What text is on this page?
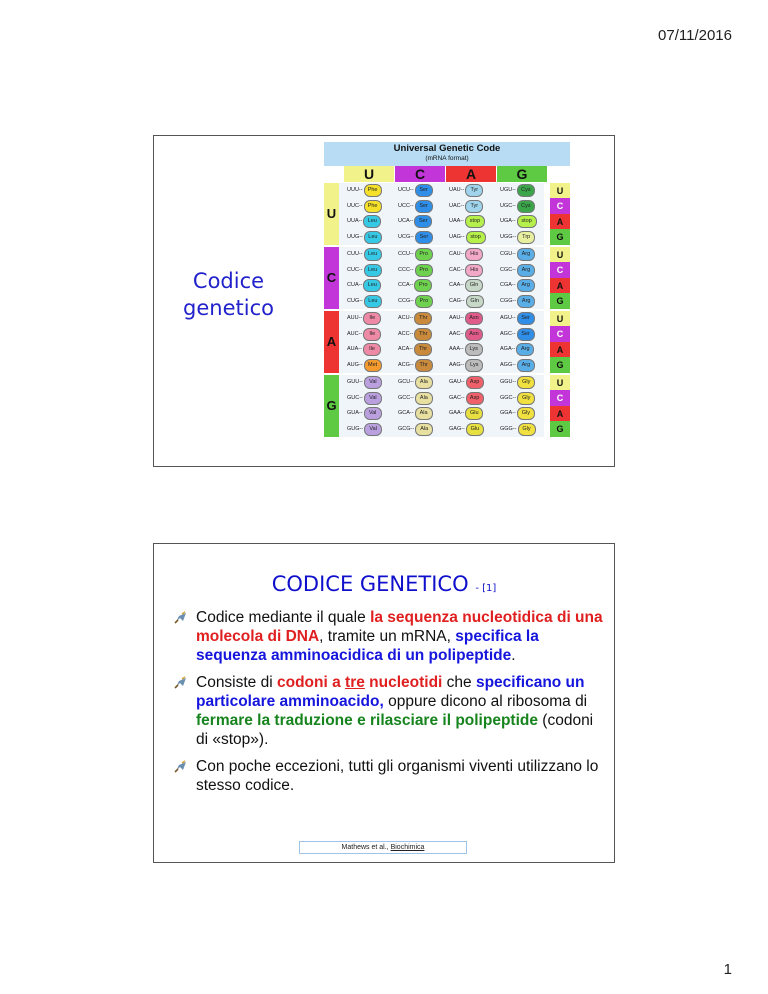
07/11/2016
Codice genetico
Universal Genetic Code
(mRNA format)
U	C	A	G
U
UUU-- Phe	UCU--	Ser	UAU--	Tyr	UGU-- Cys	U
UUC-- Phe	UCC--	Ser	UAC--	Tyr	UGC-- Cys	C
UUA-- Leu	UCA--	Ser	UAA--	stop	UGA--	stop	A
UUG-- Leu	UCG--	Ser	UAG--	stop	UGG--	Trp	G
C
CUU-- Leu	CCU--	Pro	CAU--	His	CGU--	Arg	U
CUC-- Leu	CCC--	Pro	CAC--	His	CGC--	Arg	C
CUA-- Leu	CCA--	Pro	CAA--	Gln	CGA--	Arg	A
CUG-- Leu	CCG--	Pro	CAG--	Gln	CGG--	Arg	G
A
AUU--	Ile	ACU--	Thr	AAU-- Asn	AGU--	Ser	U
AUC--	Ile	ACC--	Thr	AAC-- Asn	AGC--	Ser	C
AUA--	Ile	ACA--	Thr	AAA--	Lys	AGA--	Arg	A
AUG-- Met	ACG--	Thr	AAG--	Lys	AGG--	Arg	G
G
GUU--	Val	GCU--	Ala	GAU-- Asp	GGU--	Gly	U
GUC--	Val	GCC--	Ala	GAC-- Asp	GGC--	Gly	C
GUA--	Val	GCA--	Ala	GAA--	Glu	GGA--	Gly	A
GUG--	Val	GCG--	Ala	GAG--	Glu	GGG--	Gly	G
CODICE GENETICO - [1]
Codice mediante il quale la sequenza nucleotidica di una molecola di DNA, tramite un mRNA, specifica la sequenza amminoacidica di un polipeptide.
Consiste di codoni a tre nucleotidi che specificano un particolare amminoacido, oppure dicono al ribosoma di fermare la traduzione e rilasciare il polipeptide (codoni di «stop»).
Con poche eccezioni, tutti gli organismi viventi utilizzano lo stesso codice.
Mathews et al., Biochimica
1
